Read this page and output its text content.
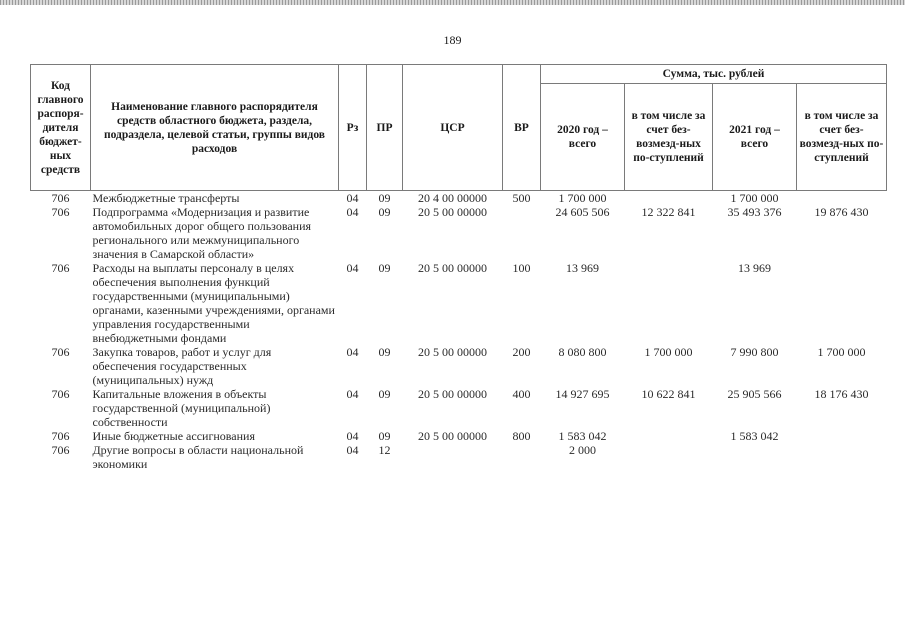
189
Код главного распоря-дителя бюджет-ных средств	Наименование главного распорядителя средств областного бюджета, раздела, подраздела, целевой статьи, группы видов расходов	Рз	ПР	ЦСР	ВР	Сумма, тыс. рублей			
						2020 год – всего	в том числе за счет без-возмезд-ных по-ступлений	2021 год – всего	в том числе за счет без-возмезд-ных по-ступлений
706	Межбюджетные трансферты	04	09	20 4 00 00000	500	1 700 000		1 700 000	
706	Подпрограмма «Модернизация и развитие автомобильных дорог общего пользования регионального или межмуниципального значения в Самарской области»	04	09	20 5 00 00000		24 605 506	12 322 841	35 493 376	19 876 430
706	Расходы на выплаты персоналу в целях обеспечения выполнения функций государственными (муниципальными) органами, казенными учреждениями, органами управления государственными внебюджетными фондами	04	09	20 5 00 00000	100	13 969		13 969	
706	Закупка товаров, работ и услуг для обеспечения государственных (муниципальных) нужд	04	09	20 5 00 00000	200	8 080 800	1 700 000	7 990 800	1 700 000
706	Капитальные вложения в объекты государственной (муниципальной) собственности	04	09	20 5 00 00000	400	14 927 695	10 622 841	25 905 566	18 176 430
706	Иные бюджетные ассигнования	04	09	20 5 00 00000	800	1 583 042		1 583 042	
706	Другие вопросы в области национальной экономики	04	12			2 000			
